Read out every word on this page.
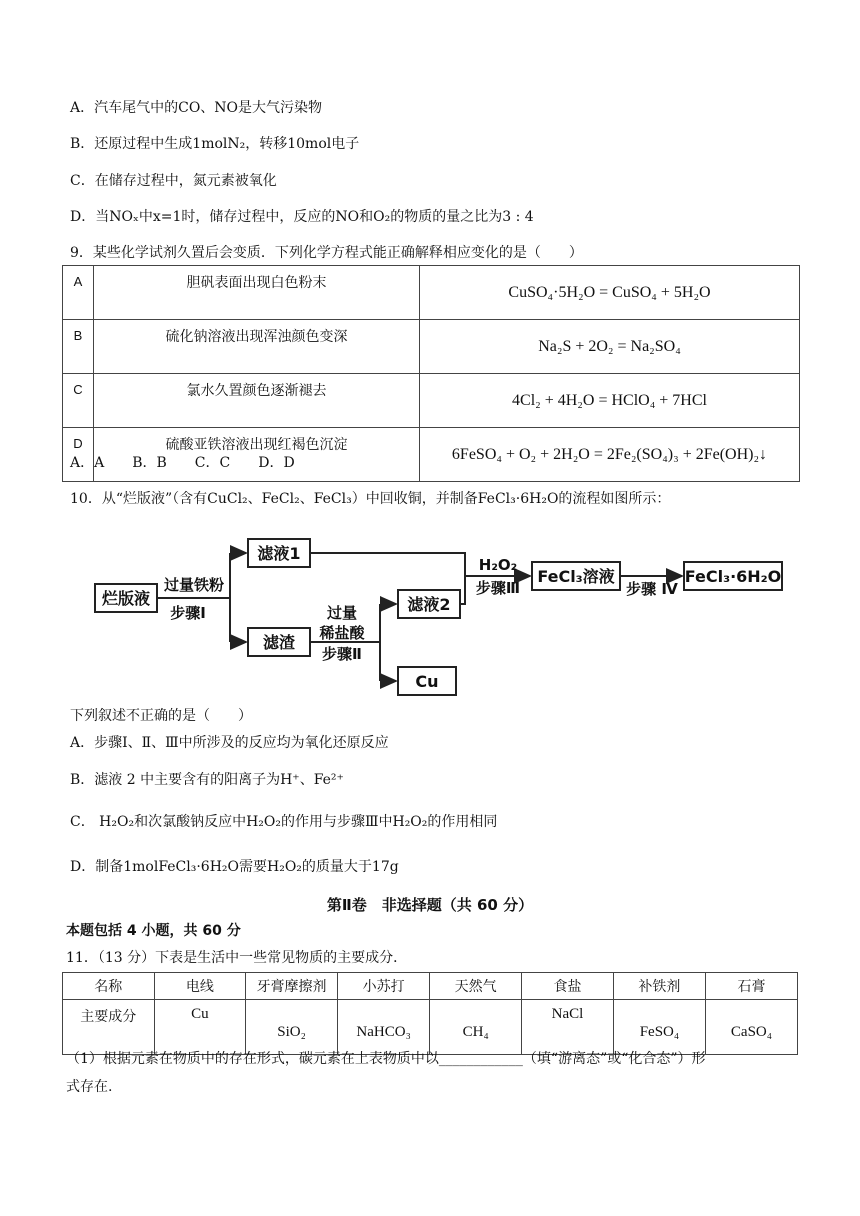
A．汽车尾气中的CO、NO是大气污染物
B．还原过程中生成1molN₂，转移10mol电子
C．在储存过程中，氮元素被氧化
D．当NOₓ中x=1时，储存过程中，反应的NO和O₂的物质的量之比为3 : 4
9．某些化学试剂久置后会变质．下列化学方程式能正确解释相应变化的是（　　）
A	胆矾表面出现白色粉末	CuSO₄·5H₂O = CuSO₄ + 5H₂O
B	硫化钠溶液出现浑浊颜色变深	Na₂S + 2O₂ = Na₂SO₄
C	氯水久置颜色逐渐褪去	4Cl₂ + 4H₂O = HClO₄ + 7HCl
D	硫酸亚铁溶液出现红褐色沉淀	6FeSO₄ + O₂ + 2H₂O = 2Fe₂(SO₄)₃ + 2Fe(OH)₂↓
A．A　　B．B　　C．C　　D．D
10．从“烂版液”（含有CuCl₂、FeCl₂、FeCl₃）中回收铜，并制备FeCl₃·6H₂O的流程如图所示：
烂版液
滤液1
滤渣
滤液2
Cu
FeCl₃溶液	FeCl₃·6H₂O
过量铁粉
步骤Ⅰ	过量
稀盐酸
步骤Ⅱ
H₂O₂
步骤Ⅲ	步骤 Ⅳ
下列叙述不正确的是（　　）
A．步骤Ⅰ、Ⅱ、Ⅲ中所涉及的反应均为氧化还原反应
B．滤液 2 中主要含有的阳离子为H⁺、Fe²⁺
C． H₂O₂和次氯酸钠反应中H₂O₂的作用与步骤Ⅲ中H₂O₂的作用相同
D．制备1molFeCl₃·6H₂O需要H₂O₂的质量大于17g
第Ⅱ卷　非选择题（共 60 分）
本题包括 4 小题，共 60 分
11．（13 分）下表是生活中一些常见物质的主要成分．
名称	电线	牙膏摩擦剂	小苏打	天然气	食盐	补铁剂	石膏
主要成分	Cu	SiO₂	NaHCO₃	CH₄	NaCl	FeSO₄	CaSO₄
（1）根据元素在物质中的存在形式，碳元素在上表物质中以____________（填“游离态”或“化合态”）形
式存在.
